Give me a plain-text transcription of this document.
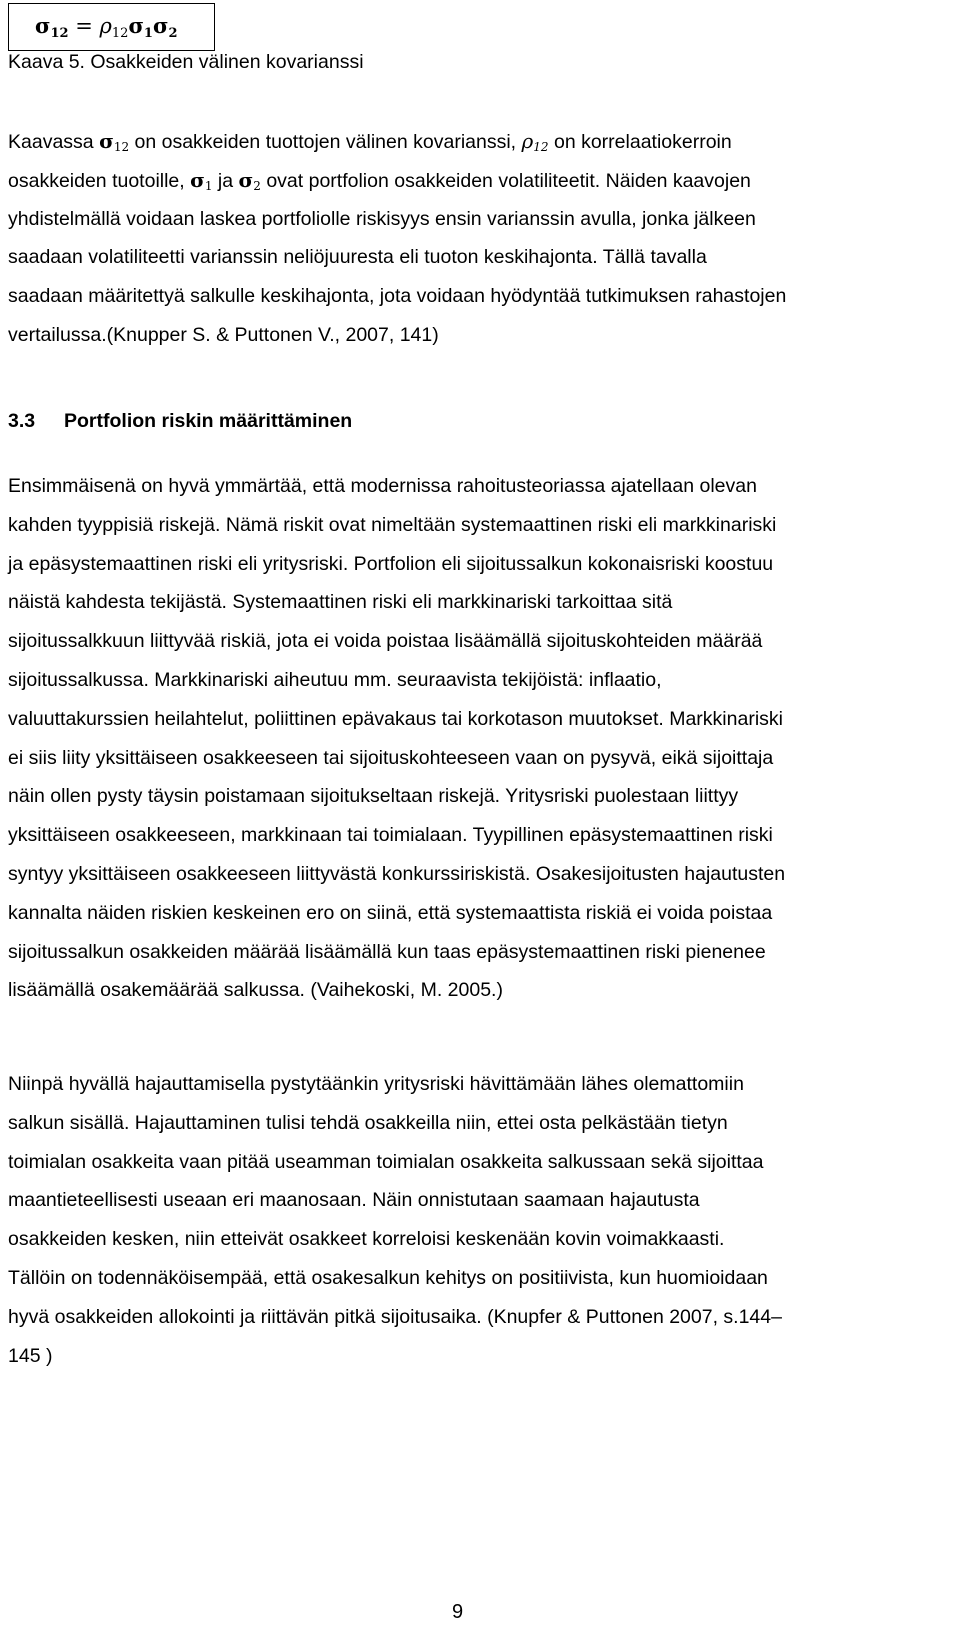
$\sigma_{12} = \rho_{12}\sigma_1\sigma_2$
Kaava 5. Osakkeiden välinen kovarianssi
Kaavassa $\sigma_{12}$ on osakkeiden tuottojen välinen kovarianssi, $\rho_{12}$ on korrelaatiokerroin
osakkeiden tuotoille, $\sigma_1$ ja $\sigma_2$ ovat portfolion osakkeiden volatiliteetit. Näiden kaavojen
yhdistelmällä voidaan laskea portfoliolle riskisyys ensin varianssin avulla, jonka jälkeen
saadaan volatiliteetti varianssin neliöjuuresta eli tuoton keskihajonta. Tällä tavalla
saadaan määritettyä salkulle keskihajonta, jota voidaan hyödyntää tutkimuksen rahastojen
vertailussa.(Knupper S. & Puttonen V., 2007, 141)
3.3 Portfolion riskin määrittäminen
Ensimmäisenä on hyvä ymmärtää, että modernissa rahoitusteoriassa ajatellaan olevan
kahden tyyppisiä riskejä. Nämä riskit ovat nimeltään systemaattinen riski eli markkinariski
ja epäsystemaattinen riski eli yritysriski. Portfolion eli sijoitussalkun kokonaisriski koostuu
näistä kahdesta tekijästä. Systemaattinen riski eli markkinariski tarkoittaa sitä
sijoitussalkkuun liittyvää riskiä, jota ei voida poistaa lisäämällä sijoituskohteiden määrää
sijoitussalkussa. Markkinariski aiheutuu mm. seuraavista tekijöistä: inflaatio,
valuuttakurssien heilahtelut, poliittinen epävakaus tai korkotason muutokset. Markkinariski
ei siis liity yksittäiseen osakkeeseen tai sijoituskohteeseen vaan on pysyvä, eikä sijoittaja
näin ollen pysty täysin poistamaan sijoitukseltaan riskejä. Yritysriski puolestaan liittyy
yksittäiseen osakkeeseen, markkinaan tai toimialaan. Tyypillinen epäsystemaattinen riski
syntyy yksittäiseen osakkeeseen liittyvästä konkurssiriskistä. Osakesijoitusten hajautusten
kannalta näiden riskien keskeinen ero on siinä, että systemaattista riskiä ei voida poistaa
sijoitussalkun osakkeiden määrää lisäämällä kun taas epäsystemaattinen riski pienenee
lisäämällä osakemäärää salkussa. (Vaihekoski, M. 2005.)
Niinpä hyvällä hajauttamisella pystytäänkin yritysriski hävittämään lähes olemattomiin
salkun sisällä. Hajauttaminen tulisi tehdä osakkeilla niin, ettei osta pelkästään tietyn
toimialan osakkeita vaan pitää useamman toimialan osakkeita salkussaan sekä sijoittaa
maantieteellisesti useaan eri maanosaan. Näin onnistutaan saamaan hajautusta
osakkeiden kesken, niin etteivät osakkeet korreloisi keskenään kovin voimakkaasti.
Tällöin on todennäköisempää, että osakesalkun kehitys on positiivista, kun huomioidaan
hyvä osakkeiden allokointi ja riittävän pitkä sijoitusaika. (Knupfer & Puttonen 2007, s.144–
145 )
9
